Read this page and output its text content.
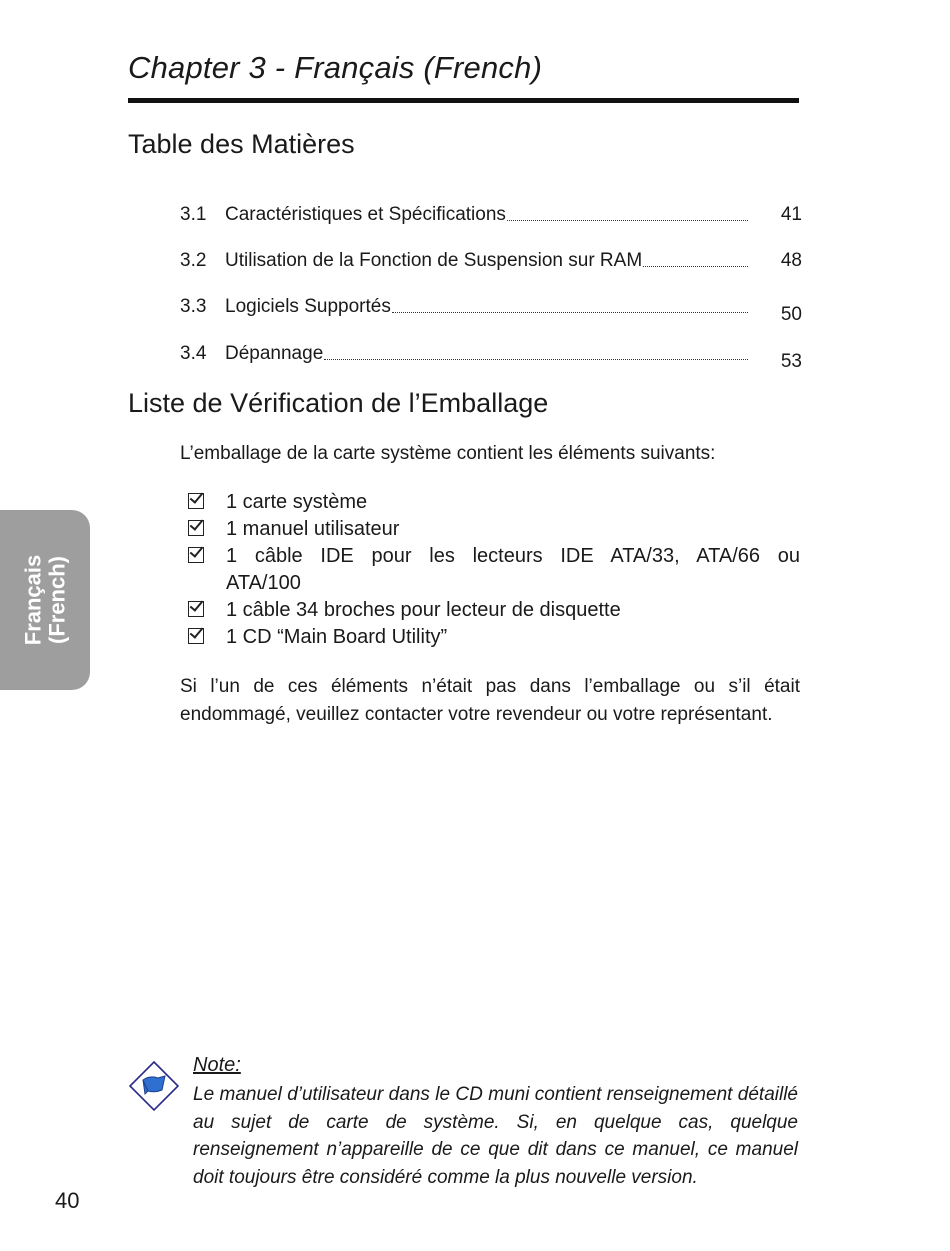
Chapter 3 - Français (French)
Table des Matières
3.1 Caractéristiques et Spécifications	41
3.2 Utilisation de la Fonction de Suspension sur RAM	48
3.3 Logiciels Supportés	50
3.4 Dépannage	53
Liste de Vérification de l’Emballage

L’emballage de la carte système contient les éléments suivants:

1 carte système
1 manuel utilisateur
1 câble IDE pour les lecteurs IDE ATA/33, ATA/66 ou ATA/100
1 câble 34 broches pour lecteur de disquette
1 CD “Main Board Utility”

Si l’un de ces éléments n’était pas dans l’emballage ou s’il était endommagé, veuillez contacter votre revendeur ou votre représentant.

Français
(French)

Note:

Le manuel d’utilisateur dans le CD muni contient renseignement détaillé au sujet de carte de système. Si, en quelque cas, quelque renseignement n’appareille de ce que dit dans ce manuel, ce manuel doit toujours être considéré comme la plus nouvelle version.

40
